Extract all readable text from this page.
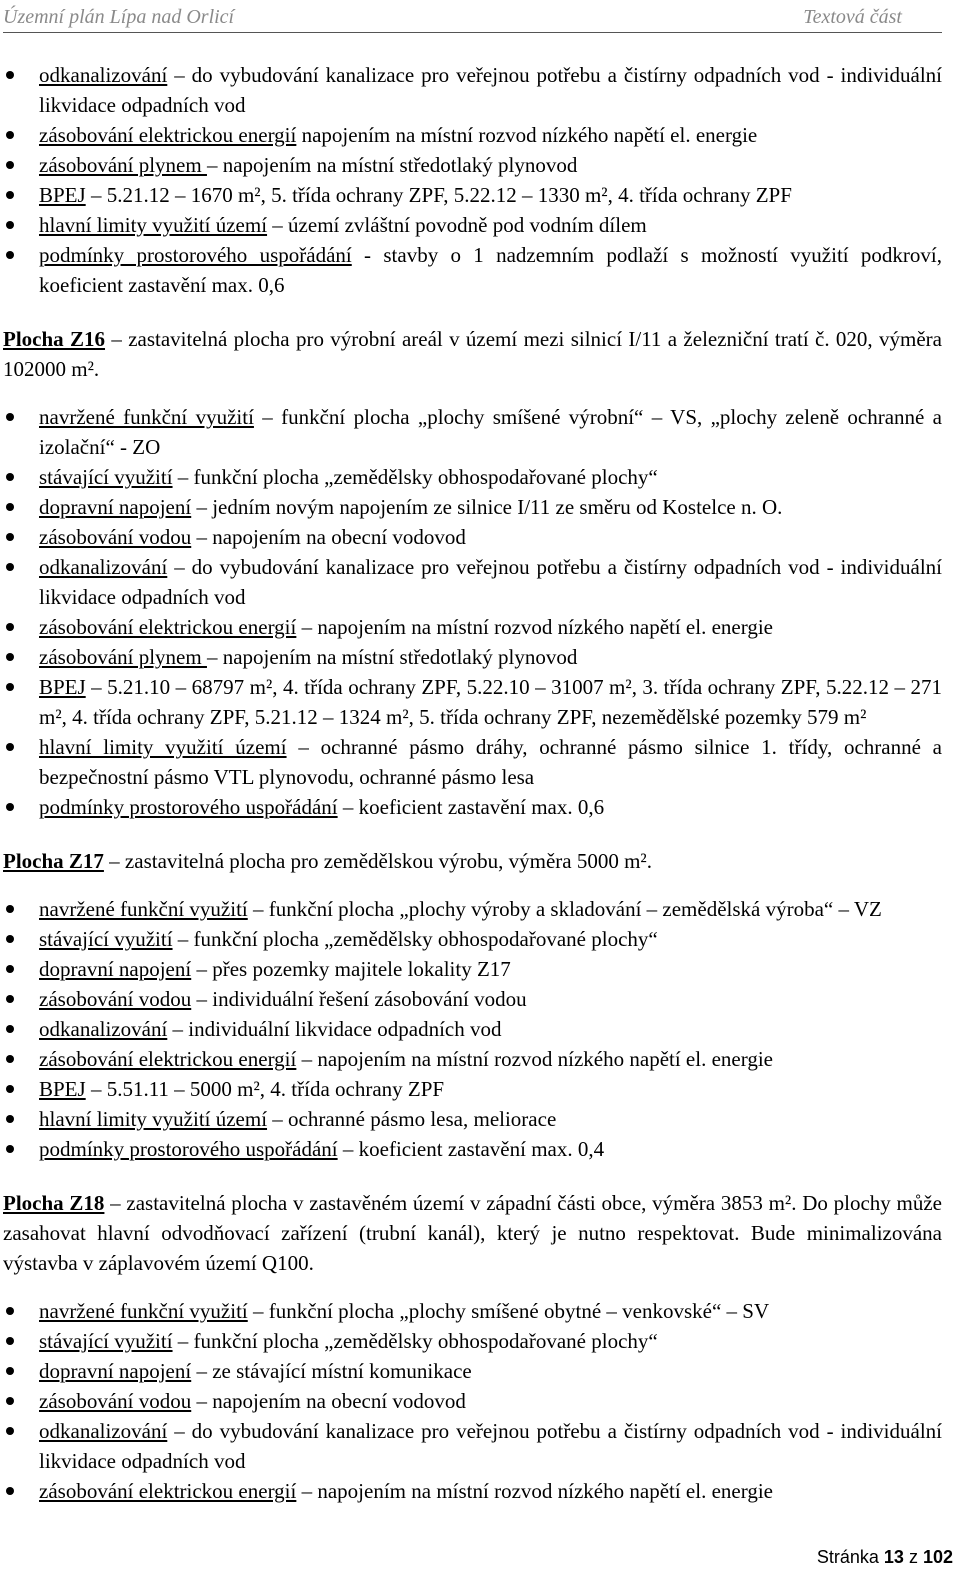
Územní plán Lípa nad Orlicí	Textová část
odkanalizování – do vybudování kanalizace pro veřejnou potřebu a čistírny odpadních vod - individuální likvidace odpadních vod
zásobování elektrickou energií napojením na místní rozvod nízkého napětí el. energie
zásobování plynem – napojením na místní středotlaký plynovod
BPEJ – 5.21.12 – 1670 m², 5. třída ochrany ZPF, 5.22.12 – 1330 m², 4. třída ochrany ZPF
hlavní limity využití území – území zvláštní povodně pod vodním dílem
podmínky prostorového uspořádání - stavby o 1 nadzemním podlaží s možností využití podkroví, koeficient zastavění max. 0,6

Plocha Z16 – zastavitelná plocha pro výrobní areál v území mezi silnicí I/11 a železniční tratí č. 020, výměra 102000 m².

navržené funkční využití – funkční plocha „plochy smíšené výrobní“ – VS, „plochy zeleně ochranné a izolační“ - ZO
stávající využití – funkční plocha „zemědělsky obhospodařované plochy“
dopravní napojení – jedním novým napojením ze silnice I/11 ze směru od Kostelce n. O.
zásobování vodou – napojením na obecní vodovod
odkanalizování – do vybudování kanalizace pro veřejnou potřebu a čistírny odpadních vod - individuální likvidace odpadních vod
zásobování elektrickou energií – napojením na místní rozvod nízkého napětí el. energie
zásobování plynem – napojením na místní středotlaký plynovod
BPEJ – 5.21.10 – 68797 m², 4. třída ochrany ZPF, 5.22.10 – 31007 m², 3. třída ochrany ZPF, 5.22.12 – 271 m², 4. třída ochrany ZPF, 5.21.12 – 1324 m², 5. třída ochrany ZPF, nezemědělské pozemky 579 m²
hlavní limity využití území – ochranné pásmo dráhy, ochranné pásmo silnice 1. třídy, ochranné a bezpečnostní pásmo VTL plynovodu, ochranné pásmo lesa
podmínky prostorového uspořádání – koeficient zastavění max. 0,6

Plocha Z17 – zastavitelná plocha pro zemědělskou výrobu, výměra 5000 m².

navržené funkční využití – funkční plocha „plochy výroby a skladování – zemědělská výroba“ – VZ
stávající využití – funkční plocha „zemědělsky obhospodařované plochy“
dopravní napojení – přes pozemky majitele lokality Z17
zásobování vodou – individuální řešení zásobování vodou
odkanalizování – individuální likvidace odpadních vod
zásobování elektrickou energií – napojením na místní rozvod nízkého napětí el. energie
BPEJ – 5.51.11 – 5000 m², 4. třída ochrany ZPF
hlavní limity využití území – ochranné pásmo lesa, meliorace
podmínky prostorového uspořádání – koeficient zastavění max. 0,4

Plocha Z18 – zastavitelná plocha v zastavěném území v západní části obce, výměra 3853 m². Do plochy může zasahovat hlavní odvodňovací zařízení (trubní kanál), který je nutno respektovat. Bude minimalizována výstavba v záplavovém území Q100.

navržené funkční využití – funkční plocha „plochy smíšené obytné – venkovské“ – SV
stávající využití – funkční plocha „zemědělsky obhospodařované plochy“
dopravní napojení – ze stávající místní komunikace
zásobování vodou – napojením na obecní vodovod
odkanalizování – do vybudování kanalizace pro veřejnou potřebu a čistírny odpadních vod - individuální likvidace odpadních vod
zásobování elektrickou energií – napojením na místní rozvod nízkého napětí el. energie
Stránka 13 z 102
